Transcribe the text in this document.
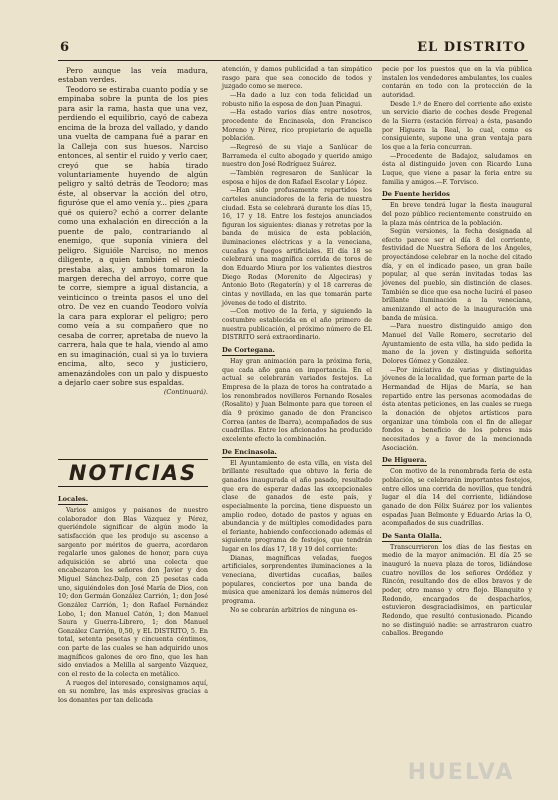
6	EL DISTRITO

Pero aunque las veía madura, estaban verdes.

Teodoro se estiraba cuanto podía y se empinaba sobre la punta de los pies para asir la rama, hasta que una vez, perdiendo el equilibrio, cayó de cabeza encima de la broza del vallado, y dando una vuelta de campana fué a parar en la Calleja con sus huesos. Narciso entonces, al sentir el ruido y verlo caer, creyó que se había tirado voluntariamente huyendo de algún peligro y saltó detrás de Teodoro; mas éste, al observar la acción del otro, figuróse que el amo venía y... pies ¿para qué os quiero? echó a correr delante como una exhalación en dirección a la puente de palo, contrariando al enemigo, que suponía viniera del peligro. Siguióle Narciso, no menos diligente, a quien también el miedo prestaba alas, y ambos tomaron la margen derecha del arroyo, corre que te corre, siempre a igual distancia, a veinticinco o treinta pasos el uno del otro. De vez en cuando Teodoro volvía la cara para explorar el peligro; pero como veía a su compañero que no cesaba de correr, apretaba de nuevo la carrera, hala que te hala, viendo al amo en su imaginación, cual si ya lo tuviera encima, alto, seco y justiciero, amenazándoles con un palo y dispuesto a dejarlo caer sobre sus espaldas.

(Continuará).
NOTICIAS
Locales.

Varios amigos y paisanos de nuestro colaborador don Blas Vázquez y Pérez, queriéndole significar de algún modo la satisfacción que les produjo su ascenso a sargento por méritos de guerra, acordaron regalarle unos galones de honor, para cuya adquisición se abrió una colecta que encabezaron los señores don Javier y don Miguel Sánchez-Dalp, con 25 pesetas cada uno, siguiéndoles don José María de Dios, con 10; don Germán González Carrión, 1; don José González Carrión, 1; don Rafael Fernández Lobo, 1; don Manuel Catón, 1; don Manuel Saura y Guerra-Librero, 1; don Manuel González Carrión, 0,50, y EL DISTRITO, 5. En total, setenta pesetas y cincuenta céntimos, con parte de las cuales se han adquirido unos magníficos galones de oro fino, que les han sido enviados a Melilla al sargento Vázquez, con el resto de la colecta en metálico.

A ruegos del interesado, consignamos aquí, en su nombre, las más expresivas gracias a los donantes por tan delicada

atención, y damos publicidad a tan simpático rasgo para que sea conocido de todos y juzgado como se merece.

—Ha dado a luz con toda felicidad un robusto niño la esposa de don Juan Pinagui.

—Ha estado varios días entre nosotros, procedente de Encinasola, don Francisco Moreno y Pérez, rico propietario de aquella población.

—Regresó de su viaje a Sanlúcar de Barrameda el culto abogado y querido amigo nuestro don José Rodríguez Suárez.

—También regresaron de Sanlúcar la esposa e hijos de don Rafael Escolar y López.

—Han sido profusamente repartidos los carteles anunciadores de la feria de nuestra ciudad. Esta se celebrará durante los días 15, 16, 17 y 18. Entre los festejos anunciados figuran los siguientes: dianas y retretas por la banda de música de esta población, iluminaciones eléctricas y a la veneciana, cucañas y fuegos artificiales. El día 18 se celebrará una magnífica corrida de toros de don Eduardo Miura por los valientes diestros Diego Rodas (Morenito de Algeciras) y Antonio Boto (Regaterín) y el 18 carreras de cintas y novillada, en las que tomarán parte jóvenes de todo el distrito.

—Con motivo de la feria, y siguiendo la costumbre establecida en el año primero de nuestra publicación, el próximo número de EL DISTRITO será extraordinario.

De Cortegana.

Hay gran animación para la próxima feria, que cada año gana en importancia. En el actual se celebrarán variados festejos. La Empresa de la plaza de toros ha contratado a los renombrados novilleros Fernando Rosales (Rosalito) y Juan Belmonte para que toreen el día 9 próximo ganado de don Francisco Correa (antes de Ibarra), acompañados de sus cuadrillas. Entre los aficionados ha producido excelente efecto la combinación.

De Encinasola.

El Ayuntamiento de esta villa, en vista del brillante resultado que obtuvo la feria de ganados inaugurada el año pasado, resultado que era de esperar dadas las excepcionales clase de ganados de este país, y especialmente la porcina, tiene dispuesto un amplio rodeo, dotado de pastos y aguas en abundancia y de múltiples comodidades para el feriante, habiendo confeccionado además el siguiente programa de festejos, que tendrán lugar en los días 17, 18 y 19 del corriente:

Dianas, magníficas veladas, fuegos artificiales, sorprendentes iluminaciones a la veneciana, divertidas cucañas, bailes populares, conciertos por una banda de música que amenizará los demás números del programa.

No se cobrarán arbitrios de ninguna es-

pecie por los puestos que en la vía pública instalen los vendedores ambulantes, los cuales contarán en todo con la protección de la autoridad.

Desde 1.º de Enero del corriente año existe un servicio diario de coches desde Fregenal de la Sierra (estación férrea) a ésta, pasando por Higuera la Real, lo cual, como es consiguiente, supone una gran ventaja para los que a la feria concurran.

—Procedente de Badajoz, saludamos en ésta al distinguido joven con Ricardo Luna Luque, que viene a pasar la feria entre su familia y amigos.—F. Torvisco.

De Fuente heridos

En breve tendrá lugar la fiesta inaugural del pozo público recientemente construido en la plaza más céntrica de la población.

Según versiones, la fecha designada al efecto parece ser el día 8 del corriente, festividad de Nuestra Señora de los Ángeles, proyectándose celebrar en la noche del citado día, y en el indicado paseo, un gran baile popular, al que serán invitadas todas las jóvenes del pueblo, sin distinción de clases. También se dice que esa noche lucirá el paseo brillante iluminación a la veneciana, amenizando el acto de la inauguración una banda de música.

—Para nuestro distinguido amigo don Manuel del Valle Romero, secretario del Ayuntamiento de esta villa, ha sido pedida la mano de la joven y distinguida señorita Dolores Gómez y González.

—Por iniciativa de varias y distinguidas jóvenes de la localidad, que forman parte de la Hermandad de Hijas de María, se han repartido entre las personas acomodadas de ésta atentas peticiones, en las cuales se ruega la donación de objetos artísticos para organizar una tómbola con el fin de allegar fondos a beneficio de los pobres más necesitados y a favor de la mencionada Asociación.

De Higuera.

Con motivo de la renombrada feria de esta población, se celebrarán importantes festejos, entre ellos una corrida de novillos, que tendrá lugar el día 14 del corriente, lidiándose ganado de don Félix Suárez por los valientes espadas Juan Belmonte y Eduardo Arias la O, acompañados de sus cuadrillas.

De Santa Olalla.

Transcurrieron los días de las fiestas en medio de la mayor animación. El día 25 se inauguró la nueva plaza de toros, lidiándose cuatro novillos de los señores Ordóñez y Rincón, resultando dos de ellos bravos y de poder, otro manso y otro flojo. Blanquito y Redondo, encargados de despacharlos, estuvieron desgraciadísimos, en particular Redondo, que resultó contusionado. Picando no se distinguió nadie: se arrastraron cuatro caballos. Bregando

HUELVA
